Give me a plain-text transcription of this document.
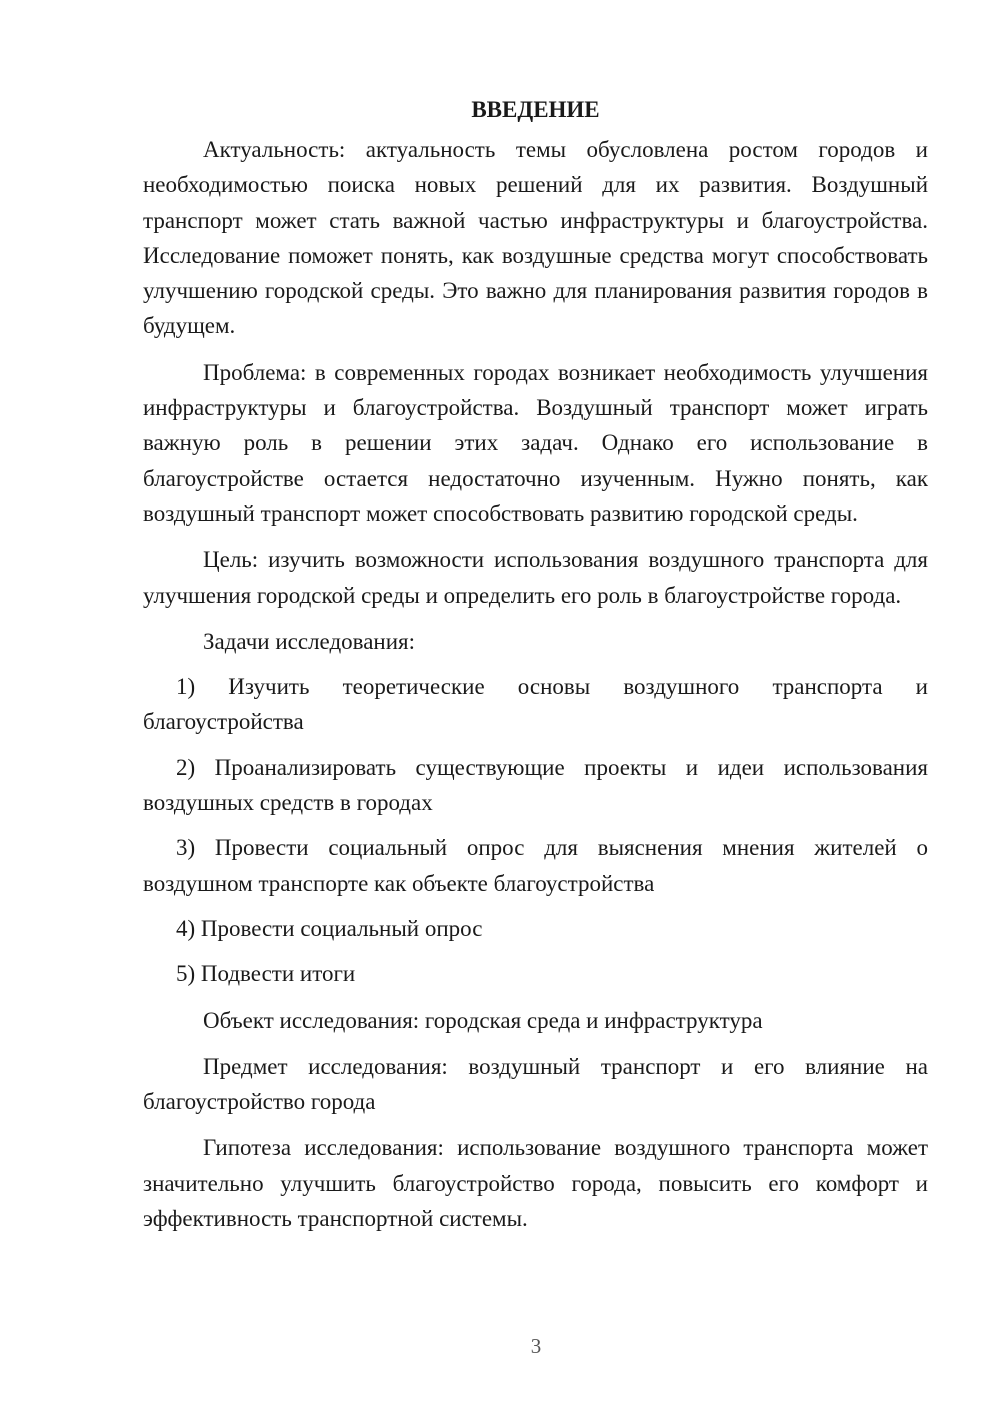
ВВЕДЕНИЕ

Актуальность: актуальность темы обусловлена ростом городов и необходимостью поиска новых решений для их развития. Воздушный транспорт может стать важной частью инфраструктуры и благоустройства. Исследование поможет понять, как воздушные средства могут способствовать улучшению городской среды. Это важно для планирования развития городов в будущем.

Проблема: в современных городах возникает необходимость улучшения инфраструктуры и благоустройства. Воздушный транспорт может играть важную роль в решении этих задач. Однако его использование в благоустройстве остается недостаточно изученным. Нужно понять, как воздушный транспорт может способствовать развитию городской среды.

Цель: изучить возможности использования воздушного транспорта для улучшения городской среды и определить его роль в благоустройстве города.

Задачи исследования:

1) Изучить теоретические основы воздушного транспорта и благоустройства

2) Проанализировать существующие проекты и идеи использования воздушных средств в городах

3) Провести социальный опрос для выяснения мнения жителей о воздушном транспорте как объекте благоустройства

4) Провести социальный опрос

5) Подвести итоги

Объект исследования: городская среда и инфраструктура

Предмет исследования: воздушный транспорт и его влияние на благоустройство города

Гипотеза исследования: использование воздушного транспорта может значительно улучшить благоустройство города, повысить его комфорт и эффективность транспортной системы.

3
